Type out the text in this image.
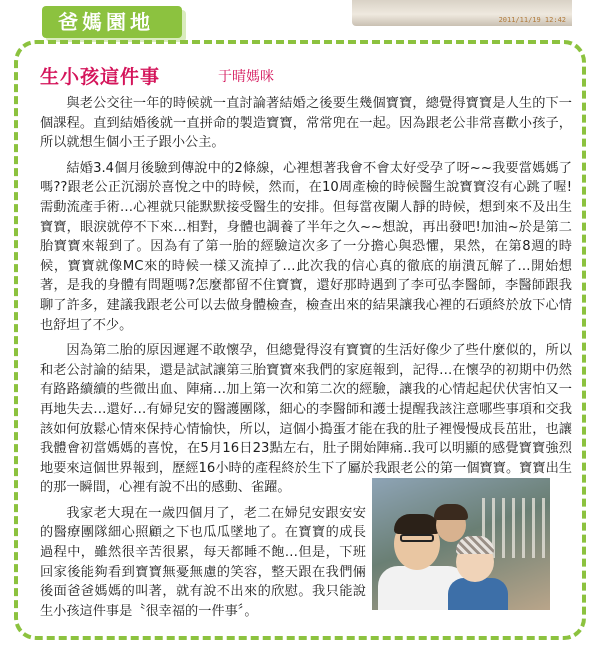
2011/11/19 12:42
爸媽園地
生小孩這件事	于晴媽咪

與老公交往一年的時候就一直討論著結婚之後要生幾個寶寶，總覺得寶寶是人生的下一個課程。直到結婚後就一直拼命的製造寶寶，常常兜在一起。因為跟老公非常喜歡小孩子，所以就想生個小王子跟小公主。

結婚3.4個月後驗到傳說中的2條線，心裡想著我會不會太好受孕了呀~~我要當媽媽了嗎??跟老公正沉溺於喜悅之中的時候，然而，在10周產檢的時候醫生說寶寶沒有心跳了喔!需動流產手術…心裡就只能默默接受醫生的安排。但每當夜闌人靜的時候，想到來不及出生寶寶，眼淚就停不下來…相對，身體也調養了半年之久~~想說，再出發吧!加油~於是第二胎寶寶來報到了。因為有了第一胎的經驗這次多了一分擔心與恐懼，果然，在第8週的時候，寶寶就像MC來的時候一樣又流掉了…此次我的信心真的徹底的崩潰瓦解了…開始想著，是我的身體有問題嗎?怎麼都留不住寶寶，還好那時遇到了李可弘李醫師，李醫師跟我聊了許多，建議我跟老公可以去做身體檢查，檢查出來的結果讓我心裡的石頭終於放下心情也舒坦了不少。

因為第二胎的原因遲遲不敢懷孕，但總覺得沒有寶寶的生活好像少了些什麼似的，所以和老公討論的結果，還是試試讓第三胎寶寶來我們的家庭報到，記得…在懷孕的初期中仍然有路路續續的些微出血、陣痛…加上第一次和第二次的經驗，讓我的心情起起伏伏害怕又一再地失去…還好…有婦兒安的醫護團隊，細心的李醫師和護士提醒我該注意哪些事項和交我該如何放鬆心情來保持心情愉快，所以，這個小搗蛋才能在我的肚子裡慢慢成長茁壯，也讓我體會初當媽媽的喜悅，在5月16日23點左右，肚子開始陣痛..我可以明顯的感覺寶寶強烈地要來這個世界報到，歷經16小時的產程終於生下了屬於我跟老公的第一個寶寶。寶寶出生的那一瞬間，心裡有說不出的感動、雀躍。

我家老大現在一歲四個月了，老二在婦兒安跟安安的醫療團隊細心照顧之下也瓜瓜墜地了。在寶寶的成長過程中，雖然很辛苦很累，每天都睡不飽…但是，下班回家後能夠看到寶寶無憂無慮的笑容，整天跟在我們倆後面爸爸媽媽的叫著，就有說不出來的欣慰。我只能說生小孩這件事是〝很幸福的一件事〞。
